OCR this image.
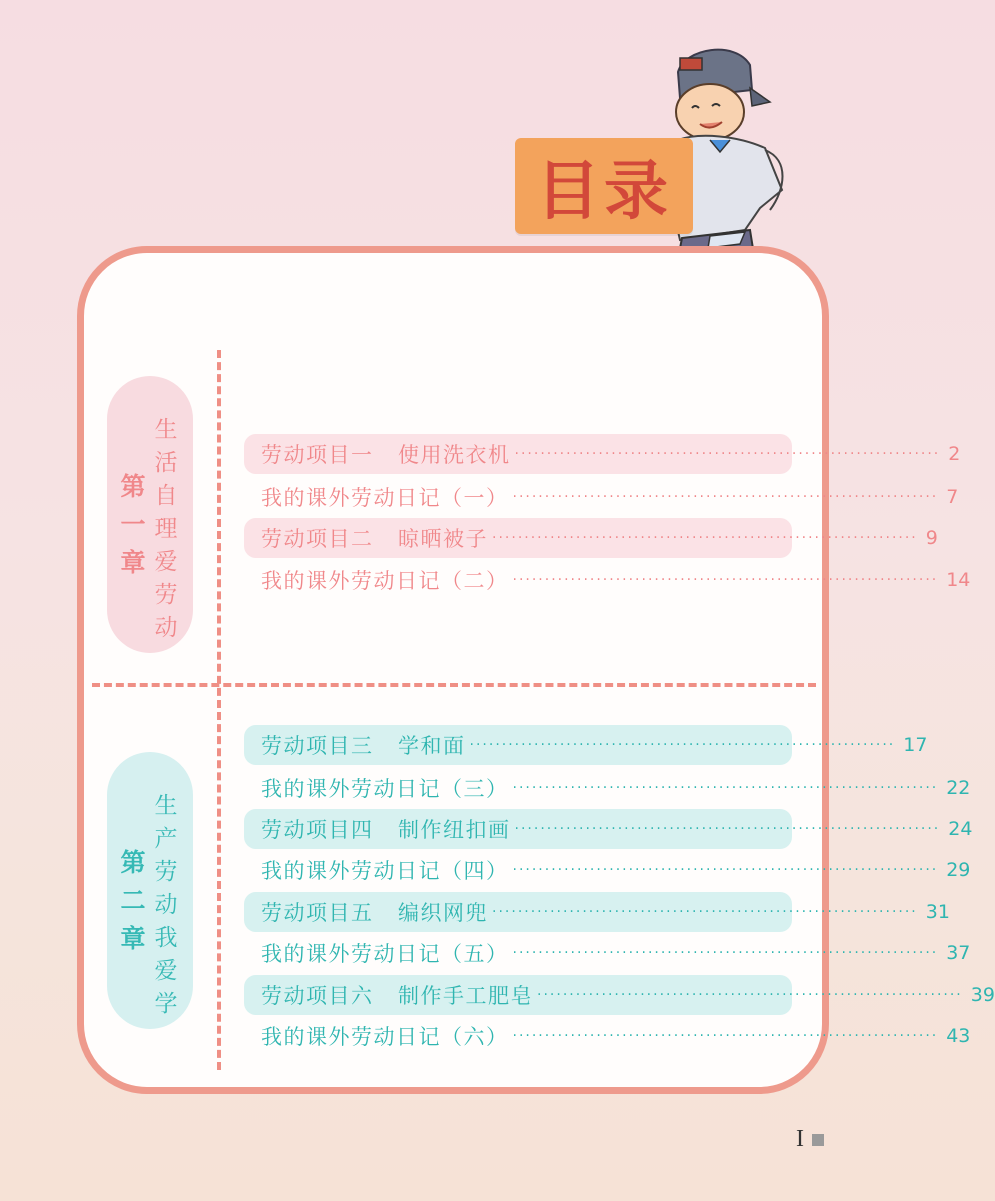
目录
第
一
章
生
活
自
理
爱
劳
动
第
二
章
生
产
劳
动
我
爱
学
劳动项目一   使用洗衣机 ·································································· 2
我的课外劳动日记（一） ·································································· 7
劳动项目二   晾晒被子 ·································································· 9
我的课外劳动日记（二） ·································································· 14
劳动项目三   学和面 ·································································· 17
我的课外劳动日记（三） ·································································· 22
劳动项目四   制作纽扣画 ·································································· 24
我的课外劳动日记（四） ·································································· 29
劳动项目五   编织网兜 ·································································· 31
我的课外劳动日记（五） ·································································· 37
劳动项目六   制作手工肥皂 ·································································· 39
我的课外劳动日记（六） ·································································· 43
I
